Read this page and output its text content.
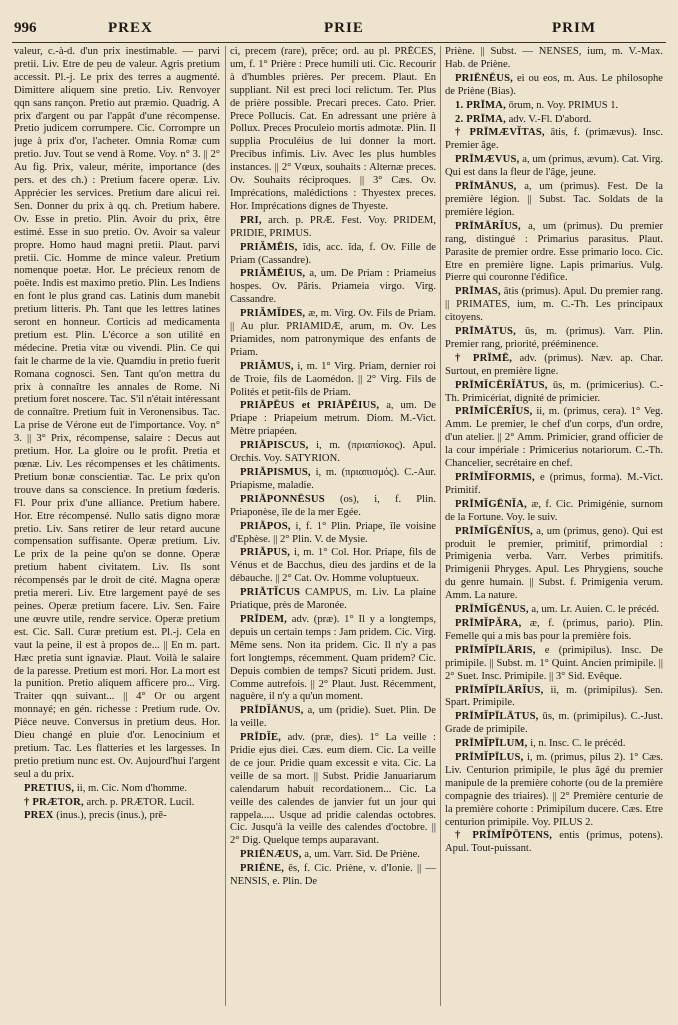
996	PREX	PRIE	PRIM

valeur, c.-à-d. d'un prix inestimable. — parvi pretii. Liv. Etre de peu de valeur. Agris pretium accessit. Pl.-j. Le prix des terres a augmenté. Dimittere aliquem sine pretio. Liv. Renvoyer qqn sans rançon. Pretio aut præmio. Quadrig. A prix d'argent ou par l'appât d'une récompense. Pretio judicem corrumpere. Cic. Corrompre un juge à prix d'or, l'acheter. Omnia Romæ cum pretio. Juv. Tout se vend à Rome. Voy. n° 3. || 2° Au fig. Prix, valeur, mérite, importance (des pers. et des ch.) : Pretium facere operæ. Liv. Apprécier les services. Pretium dare alicui rei. Sen. Donner du prix à qq. ch. Pretium habere. Ov. Esse in pretio. Plin. Avoir du prix, être estimé. Esse in suo pretio. Ov. Avoir sa valeur propre. Homo haud magni pretii. Plaut. parvi pretii. Cic. Homme de mince valeur. Pretium nomenque poetæ. Hor. Le précieux renom de poëte. Indis est maximo pretio. Plin. Les Indiens en font le plus grand cas. Latinis dum manebit pretium litteris. Ph. Tant que les lettres latines seront en honneur. Corticis ad medicamenta pretium est. Plin. L'écorce a son utilité en médecine. Pretia vitæ ou vivendi. Plin. Ce qui fait le charme de la vie. Quamdiu in pretio fuerit Romana cognosci. Sen. Tant qu'on mettra du prix à connaître les annales de Rome. Ni pretium foret noscere. Tac. S'il n'était intéressant de connaître. Pretium fuit in Veronensibus. Tac. La prise de Vérone eut de l'importance. Voy. n° 3. || 3° Prix, récompense, salaire : Decus aut pretium. Hor. La gloire ou le profit. Pretia et pœnæ. Liv. Les récompenses et les châtiments. Pretium bonæ conscientiæ. Tac. Le prix qu'on trouve dans sa conscience. In pretium fœderis. Fl. Pour prix d'une alliance. Pretium habere. Hor. Etre récompensé. Nullo satis digno moræ pretio. Liv. Sans retirer de leur retard aucune compensation suffisante. Operæ pretium. Liv. Le prix de la peine qu'on se donne. Operæ pretium habent civitatem. Liv. Ils sont récompensés par le droit de cité. Magna operæ pretia mereri. Liv. Etre largement payé de ses peines. Operæ pretium facere. Liv. Sen. Faire une œuvre utile, rendre service. Operæ pretium est. Cic. Sall. Curæ pretium est. Pl.-j. Cela en vaut la peine, il est à propos de... || En m. part. Hæc pretia sunt ignaviæ. Plaut. Voilà le salaire de la paresse. Pretium est mori. Hor. La mort est la punition. Pretio aliquem afficere pro... Virg. Traiter qqn suivant... || 4° Or ou argent monnayé; en gén. richesse : Pretium rude. Ov. Pièce neuve. Conversus in pretium deus. Hor. Dieu changé en pluie d'or. Lenocinium et pretium. Tac. Les flatteries et les largesses. In pretio pretium nunc est. Ov. Aujourd'hui l'argent seul a du prix.

PRETIUS, ii, m. Cic. Nom d'homme.

† PRÆTOR, arch. p. PRÆTOR. Lucil.

PREX (inus.), precis (inus.), prē-

ci, precem (rare), prĕce; ord. au pl. PRĔCES, um, f. 1° Prière : Prece humili uti. Cic. Recourir à d'humbles prières. Per precem. Plaut. En suppliant. Nil est preci loci relictum. Ter. Plus de prière possible. Precari preces. Cato. Prier. Prece Pollucis. Cat. En adressant une prière à Pollux. Preces Proculeio mortis admotæ. Plin. Il supplia Proculéius de lui donner la mort. Precibus infimis. Liv. Avec les plus humbles instances. || 2° Vœux, souhaits : Alternæ preces. Ov. Souhaits réciproques. || 3° Cæs. Ov. Imprécations, malédictions : Thyestex preces. Hor. Imprécations dignes de Thyeste.

PRI, arch. p. PRÆ. Fest. Voy. PRIDEM, PRIDIE, PRIMUS.

PRIĂMĒIS, ĭdis, acc. ĭda, f. Ov. Fille de Priam (Cassandre).

PRIĂMĒIUS, a, um. De Priam : Priameius hospes. Ov. Pâris. Priameia virgo. Virg. Cassandre.

PRIĂMĬDES, æ, m. Virg. Ov. Fils de Priam. || Au plur. PRIAMIDÆ, arum, m. Ov. Les Priamides, nom patronymique des enfants de Priam.

PRIĂMUS, i, m. 1° Virg. Priam, dernier roi de Troie, fils de Laomédon. || 2° Virg. Fils de Polités et petit-fils de Priam.

PRIĀPĒUS et PRIĀPĒIUS, a, um. De Priape : Priapeium metrum. Diom. M.-Vict. Mètre priapéen.

PRIĀPISCUS, i, m. (πριαπίσκος). Apul. Orchis. Voy. SATYRION.

PRIĀPISMUS, i, m. (πριαπισμός). C.-Aur. Priapisme, maladie.

PRIĀPONNĒSUS (os), i, f. Plin. Priaponèse, île de la mer Egée.

PRIĀPOS, i, f. 1° Plin. Priape, île voisine d'Ephèse. || 2° Plin. V. de Mysie.

PRIĀPUS, i, m. 1° Col. Hor. Priape, fils de Vénus et de Bacchus, dieu des jardins et de la débauche. || 2° Cat. Ov. Homme voluptueux.

PRIĀTĬCUS CAMPUS, m. Liv. La plaine Priatique, près de Maronée.

PRĪDEM, adv. (præ). 1° Il y a longtemps, depuis un certain temps : Jam pridem. Cic. Virg. Même sens. Non ita pridem. Cic. Il n'y a pas fort longtemps, récemment. Quam pridem? Cic. Depuis combien de temps? Sicuti pridem. Just. Comme autrefois. || 2° Plaut. Just. Récemment, naguère, il n'y a qu'un moment.

PRĪDĬĀNUS, a, um (pridie). Suet. Plin. De la veille.

PRĪDĬE, adv. (præ, dies). 1° La veille : Pridie ejus diei. Cæs. eum diem. Cic. La veille de ce jour. Pridie quam excessit e vita. Cic. La veille de sa mort. || Subst. Pridie Januariarum calendarum habuit recordationem... Cic. La veille des calendes de janvier fut un jour qui rappela..... Usque ad pridie calendas octobres. Cic. Jusqu'à la veille des calendes d'octobre. || 2° Dig. Quelque temps auparavant.

PRIĒNÆUS, a, um. Varr. Sid. De Priène.

PRIĒNE, ēs, f. Cic. Priène, v. d'Ionie. || — NENSIS, e. Plin. De

Priène. || Subst. — NENSES, ium, m. V.-Max. Hab. de Priène.

PRIĒNĒUS, ei ou eos, m. Aus. Le philosophe de Priène (Bias).

1. PRĪMA, ōrum, n. Voy. PRIMUS 1.

2. PRĪMA, adv. V.-Fl. D'abord.

† PRĪMÆVĬTAS, ātis, f. (primævus). Insc. Premier âge.

PRĪMÆVUS, a, um (primus, ævum). Cat. Virg. Qui est dans la fleur de l'âge, jeune.

PRĪMĀNUS, a, um (primus). Fest. De la première légion. || Subst. Tac. Soldats de la première légion.

PRĪMĀRĬUS, a, um (primus). Du premier rang, distingué : Primarius parasitus. Plaut. Parasite de premier ordre. Esse primario loco. Cic. Etre en première ligne. Lapis primarius. Vulg. Pierre qui couronne l'édifice.

PRĪMAS, ātis (primus). Apul. Du premier rang. || PRIMATES, ium, m. C.-Th. Les principaux citoyens.

PRĪMĀTUS, ūs, m. (primus). Varr. Plin. Premier rang, priorité, prééminence.

† PRĪMĒ, adv. (primus). Næv. ap. Char. Surtout, en première ligne.

PRĪMĬCĒRĬĀTUS, ūs, m. (primicerius). C.-Th. Primicériat, dignité de primicier.

PRĪMĬCĒRĬUS, ii, m. (primus, cera). 1° Veg. Amm. Le premier, le chef d'un corps, d'un ordre, d'un atelier. || 2° Amm. Primicier, grand officier de la cour impériale : Primicerius notariorum. C.-Th. Chancelier, secrétaire en chef.

PRĪMĬFORMIS, e (primus, forma). M.-Vict. Primitif.

PRĪMĬGĒNĬA, æ, f. Cic. Primigénie, surnom de la Fortune. Voy. le suiv.

PRĪMĬGĒNĬUS, a, um (primus, geno). Qui est produit le premier, primitif, primordial : Primigenia verba. Varr. Verbes primitifs. Primigenii Phryges. Apul. Les Phrygiens, souche du genre humain. || Subst. f. Primigenia verum. Amm. La nature.

PRĪMĬGĒNUS, a, um. Lr. Auien. C. le précéd.

PRĪMĬPĂRA, æ, f. (primus, pario). Plin. Femelle qui a mis bas pour la première fois.

PRĪMĬPĪLĀRIS, e (primipilus). Insc. De primipile. || Subst. m. 1° Quint. Ancien primipile. || 2° Suet. Insc. Primipile. || 3° Sid. Evêque.

PRĪMĬPĪLĀRĬUS, ii, m. (primipilus). Sen. Spart. Primipile.

PRĪMĬPĪLĀTUS, ūs, m. (primipilus). C.-Just. Grade de primipile.

PRĪMĬPĪLUM, i, n. Insc. C. le précéd.

PRĪMĬPĪLUS, i, m. (primus, pilus 2). 1° Cæs. Liv. Centurion primipile, le plus âgé du premier manipule de la première cohorte (ou de la première compagnie des triaires). || 2° Première centurie de la première cohorte : Primipilum ducere. Cæs. Etre centurion primipile. Voy. PILUS 2.

† PRĪMĬPŌTENS, entis (primus, potens). Apul. Tout-puissant.
